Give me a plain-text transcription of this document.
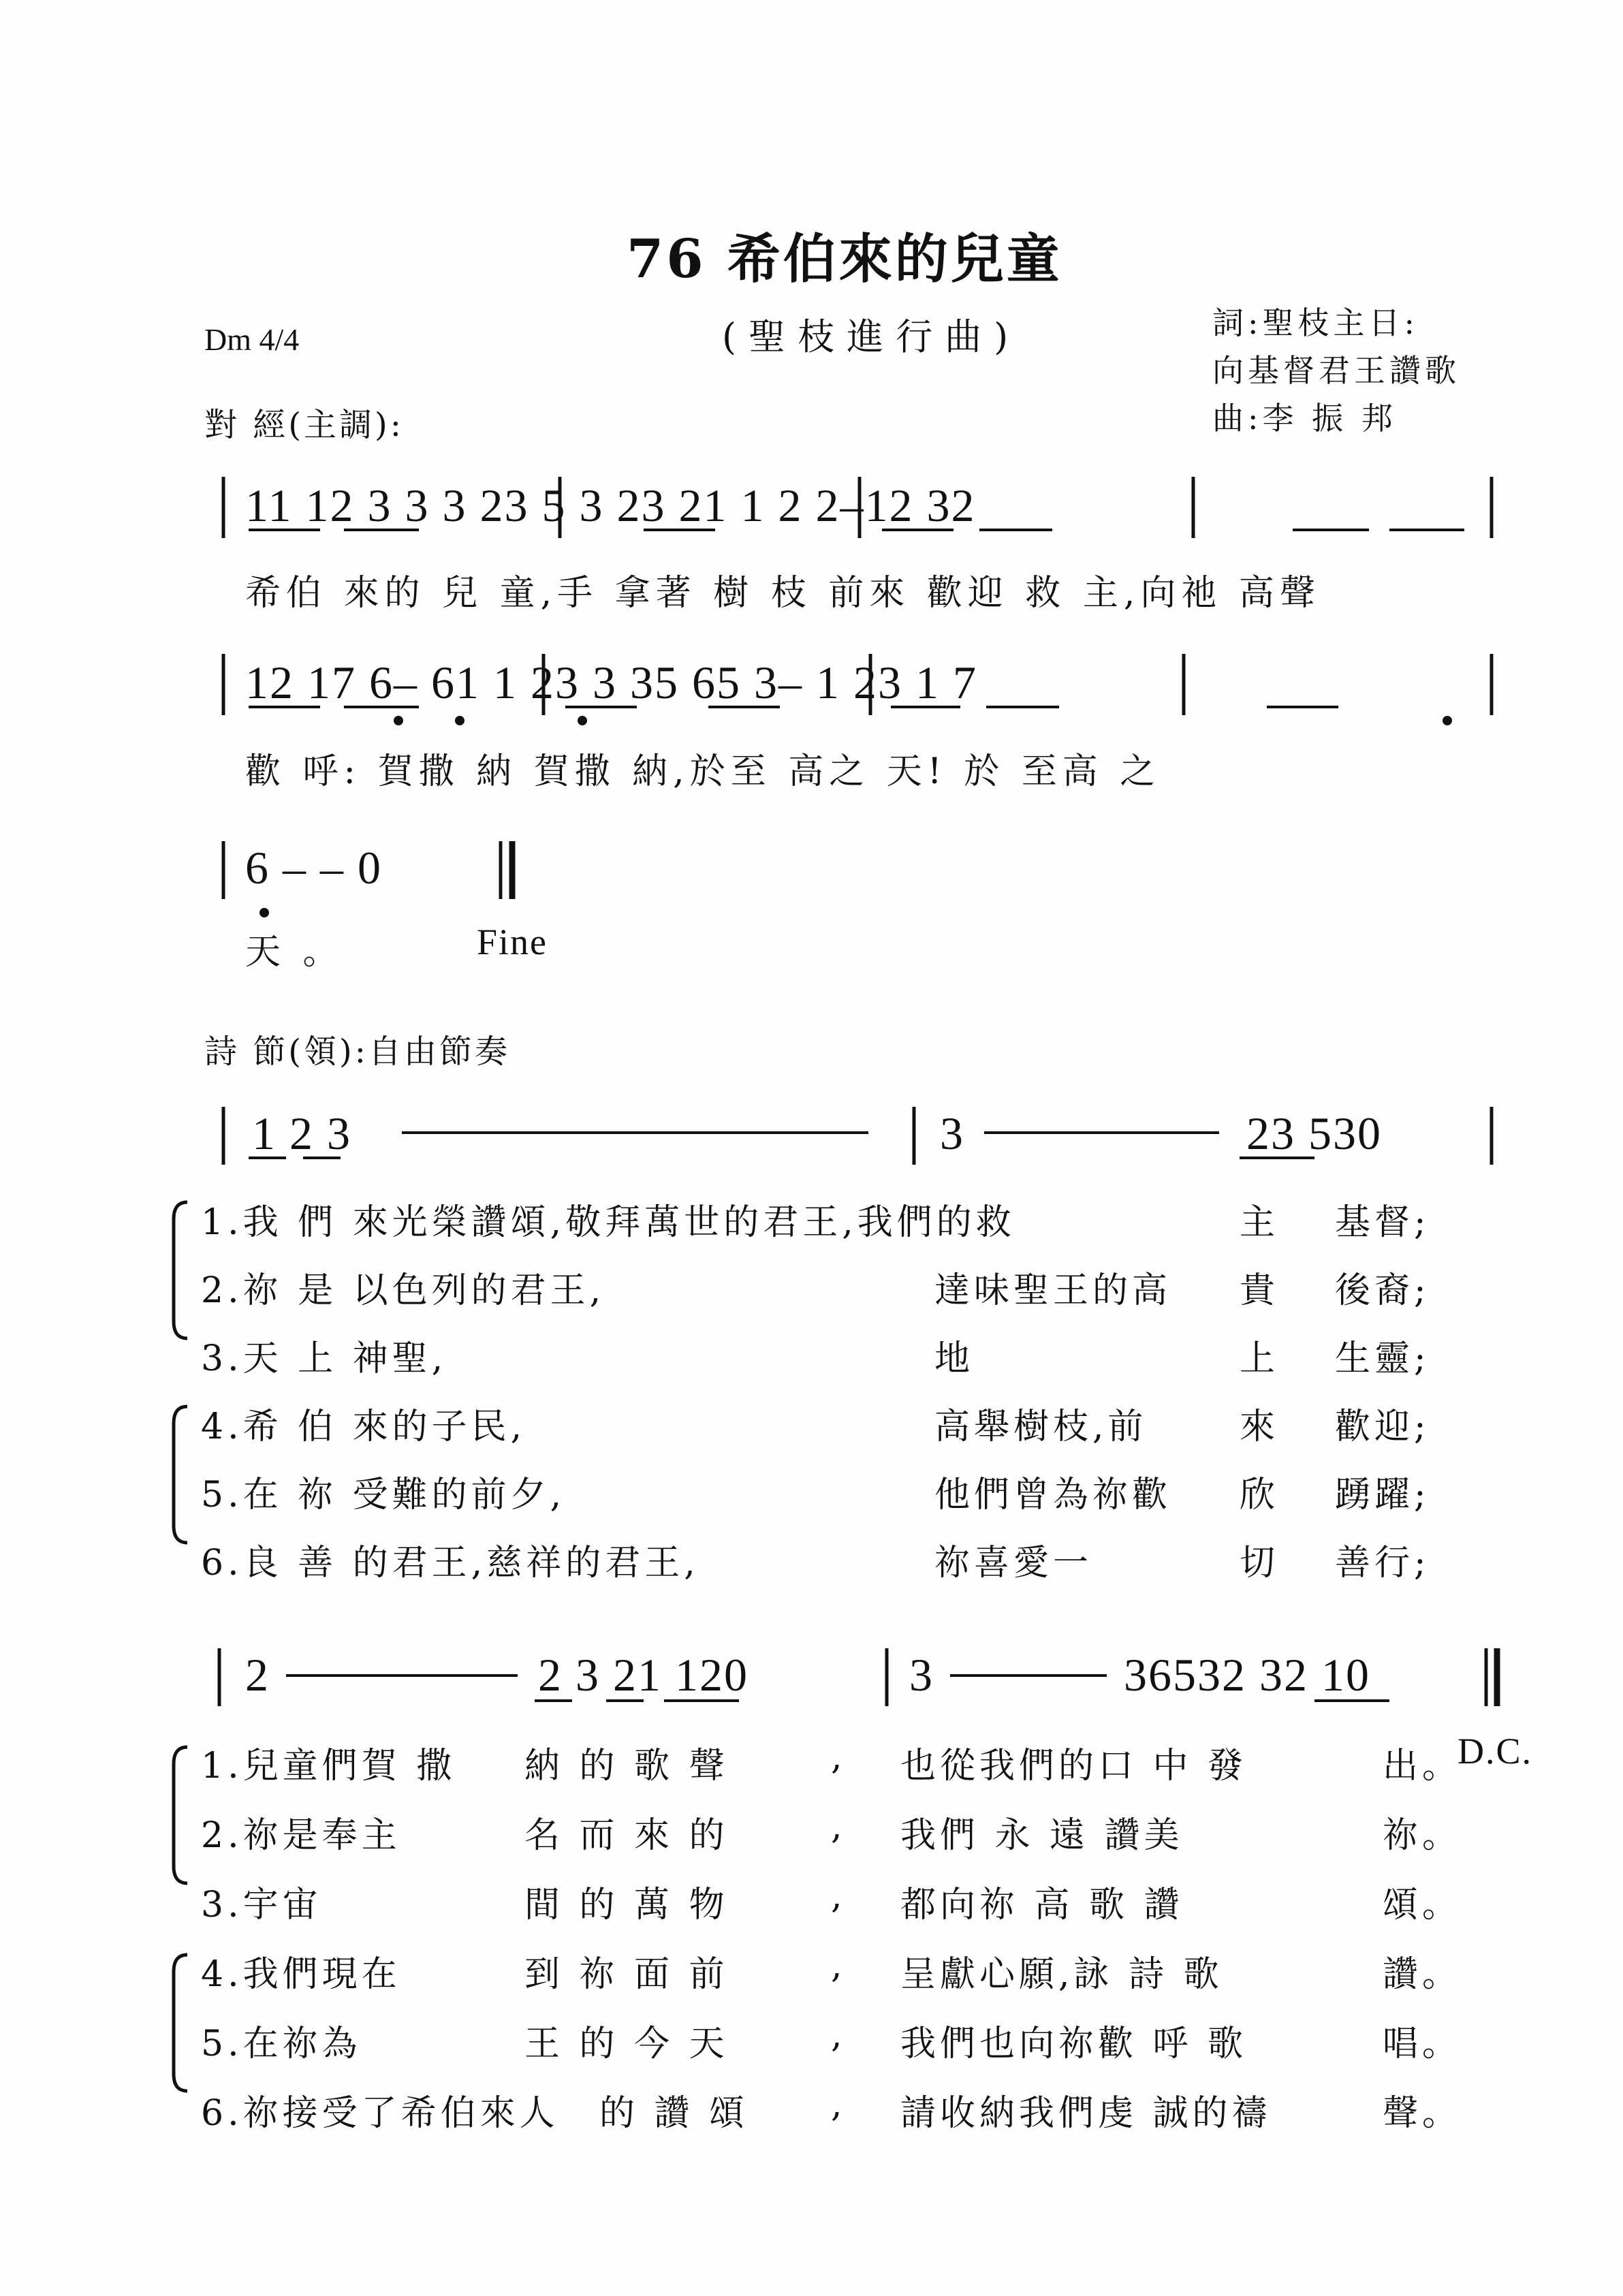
76 希伯來的兒童
(聖枝進行曲)
Dm 4/4	詞:聖枝主日:
向基督君王讚歌
曲:李 振 邦
對 經(主調):
11 12 3 3 3 23 5 3 23 21 1 2 2–12 32
希伯 來的 兒 童,手 拿著 樹 枝 前來 歡迎 救 主,向祂 高聲
12 17 6– 61 1 23 3 35 65 3– 1 23 1 7
歡 呼: 賀撒 納 賀撒 納,於至 高之 天! 於 至高 之
6 – – 0
天 。	Fine
詩 節(領):自由節奏
1 2 3	3	23 530
1.我 們 來光榮讚頌,敬拜萬世的君王,我們的救	主 基督;
2.祢 是 以色列的君王,	達味聖王的高 貴 後裔;
3.天 上 神聖,	地	上 生靈;
4.希 伯 來的子民,	高舉樹枝,前	來 歡迎;
5.在 祢 受難的前夕,	他們曾為祢歡 欣 踴躍;
6.良 善 的君王,慈祥的君王,	祢喜愛一	切 善行;
2	2 3 21 120	3	36532 32 10
D.C.
1.兒童們賀 撒 納 的 歌 聲	, 也從我們的口 中 發	出。
2.祢是奉主	名 而 來 的	, 我們 永 遠 讚美	祢。
3.宇宙	間 的 萬 物	, 都向祢 高 歌 讚	頌。
4.我們現在	到 祢 面 前	, 呈獻心願,詠 詩 歌	讚。
5.在祢為	王 的 今 天	, 我們也向祢歡 呼 歌	唱。
6.祢接受了希伯來人 的 讚 頌 , 請收納我們虔 誠的禱	聲。
